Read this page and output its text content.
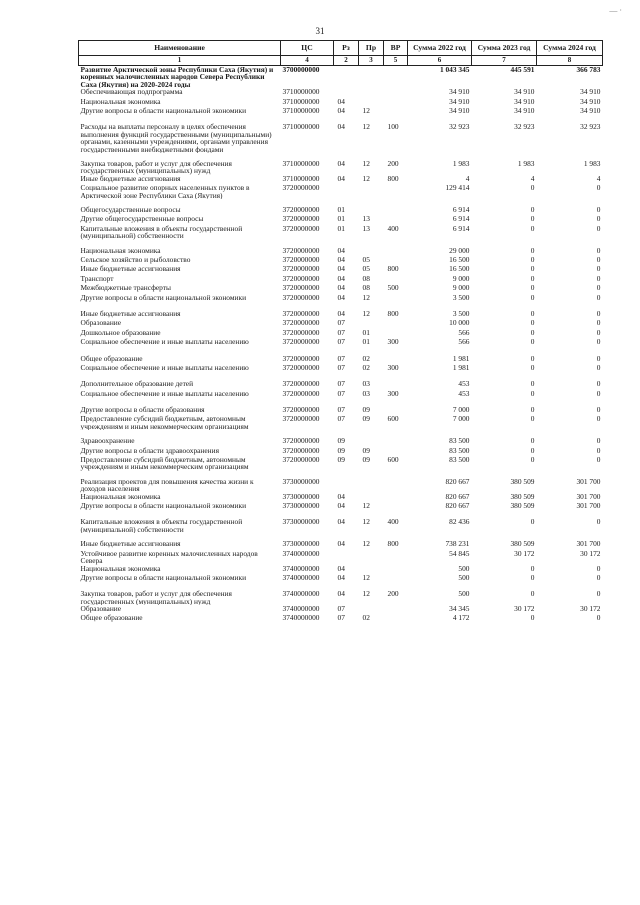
31
— ·
Наименование	ЦС	Рз	Пр	ВР	Сумма 2022 год	Сумма 2023 год	Сумма 2024 год
1	4	2	3	5	6	7	8
Развитие Арктической зоны Республики Саха (Якутия) и коренных малочисленных народов Севера Республики Саха (Якутия) на 2020-2024 годы	3700000000				1 043 345	445 591	366 783
Обеспечивающая подпрограмма	3710000000				34 910	34 910	34 910
Национальная экономика	3710000000	04			34 910	34 910	34 910
Другие вопросы в области национальной экономики	3710000000	04	12		34 910	34 910	34 910

Расходы на выплаты персоналу в целях обеспечения выполнения функций государственными (муниципальными) органами, казенными учреждениями, органами управления государственными внебюджетными фондами	3710000000	04	12	100	32 923	32 923	32 923

Закупка товаров, работ и услуг для обеспечения государственных (муниципальных) нужд	3710000000	04	12	200	1 983	1 983	1 983
Иные бюджетные ассигнования	3710000000	04	12	800	4	4	4
Социальное развитие опорных населенных пунктов в Арктической зоне Республики Саха (Якутия)	3720000000				129 414	0	0

Общегосударственные вопросы	3720000000	01			6 914	0	0
Другие общегосударственные вопросы	3720000000	01	13		6 914	0	0
Капитальные вложения в объекты государственной (муниципальной) собственности	3720000000	01	13	400	6 914	0	0

Национальная экономика	3720000000	04			29 000	0	0
Сельское хозяйство и рыболовство	3720000000	04	05		16 500	0	0
Иные бюджетные ассигнования	3720000000	04	05	800	16 500	0	0
Транспорт	3720000000	04	08		9 000	0	0
Межбюджетные трансферты	3720000000	04	08	500	9 000	0	0
Другие вопросы в области национальной экономики	3720000000	04	12		3 500	0	0

Иные бюджетные ассигнования	3720000000	04	12	800	3 500	0	0
Образование	3720000000	07			10 000	0	0
Дошкольное образование	3720000000	07	01		566	0	0
Социальное обеспечение и иные выплаты населению	3720000000	07	01	300	566	0	0

Общее образование	3720000000	07	02		1 981	0	0
Социальное обеспечение и иные выплаты населению	3720000000	07	02	300	1 981	0	0

Дополнительное образование детей	3720000000	07	03		453	0	0
Социальное обеспечение и иные выплаты населению	3720000000	07	03	300	453	0	0

Другие вопросы в области образования	3720000000	07	09		7 000	0	0
Предоставление субсидий бюджетным, автономным учреждениям и иным некоммерческим организациям	3720000000	07	09	600	7 000	0	0

Здравоохранение	3720000000	09			83 500	0	0
Другие вопросы в области здравоохранения	3720000000	09	09		83 500	0	0
Предоставление субсидий бюджетным, автономным учреждениям и иным некоммерческим организациям	3720000000	09	09	600	83 500	0	0

Реализация проектов для повышения качества жизни к доходов населения	3730000000				820 667	380 509	301 700
Национальная экономика	3730000000	04			820 667	380 509	301 700
Другие вопросы в области национальной экономики	3730000000	04	12		820 667	380 509	301 700

Капитальные вложения в объекты государственной (муниципальной) собственности	3730000000	04	12	400	82 436	0	0

Иные бюджетные ассигнования	3730000000	04	12	800	738 231	380 509	301 700
Устойчивое развитие коренных малочисленных народов Севера	3740000000				54 845	30 172	30 172
Национальная экономика	3740000000	04			500	0	0
Другие вопросы в области национальной экономики	3740000000	04	12		500	0	0

Закупка товаров, работ и услуг для обеспечения государственных (муниципальных) нужд	3740000000	04	12	200	500	0	0
Образование	3740000000	07			34 345	30 172	30 172
Общее образование	3740000000	07	02		4 172	0	0
